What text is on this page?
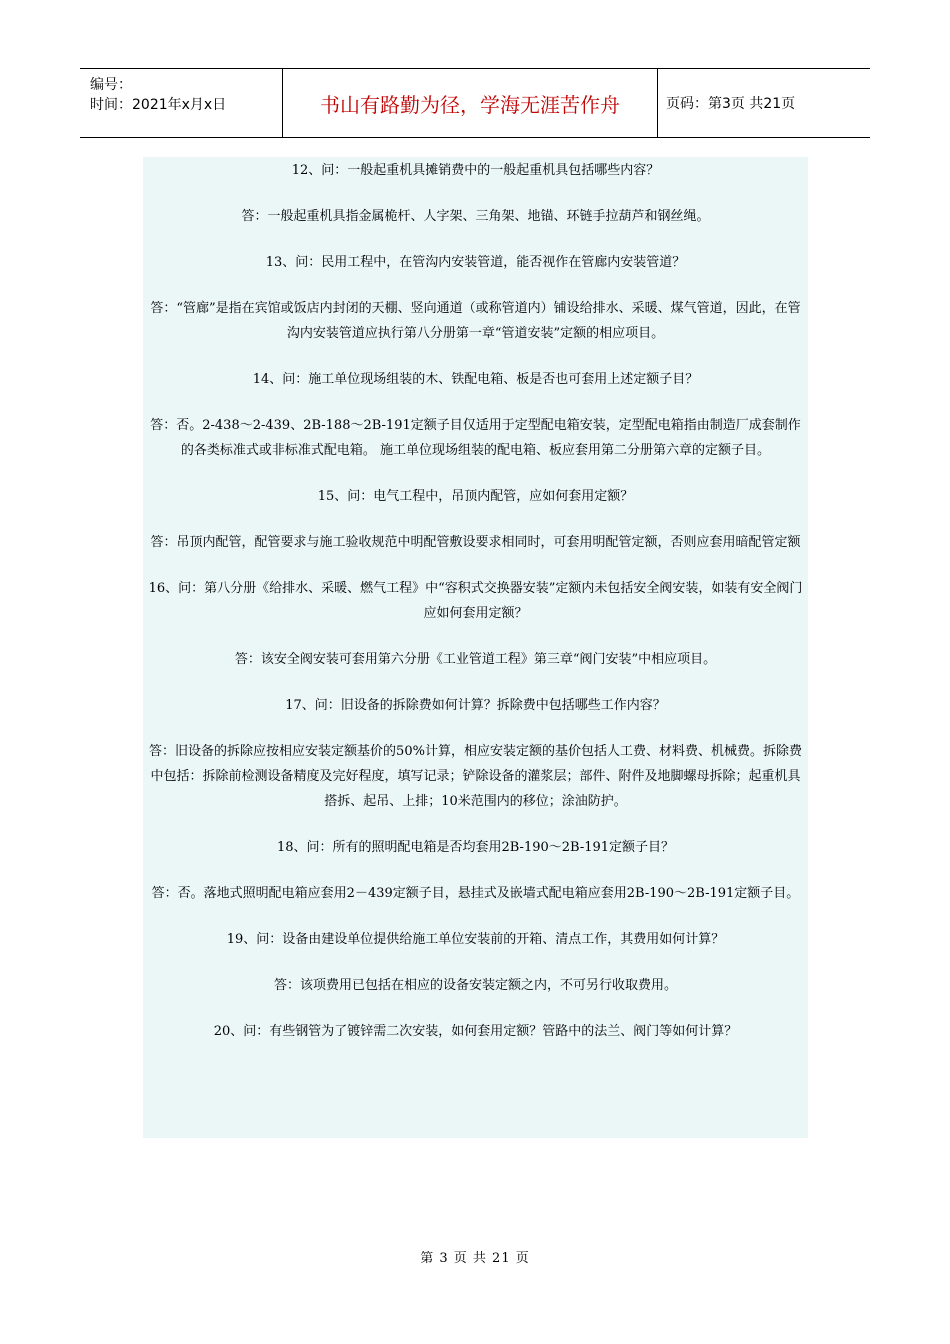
编号：
时间：2021年x月x日	书山有路勤为径，学海无涯苦作舟	页码：第3页 共21页
12、问：一般起重机具摊销费中的一般起重机具包括哪些内容？
答：一般起重机具指金属桅杆、人字架、三角架、地锚、环链手拉葫芦和钢丝绳。
13、问：民用工程中，在管沟内安装管道，能否视作在管廊内安装管道？
答：“管廊”是指在宾馆或饭店内封闭的天棚、竖向通道（或称管道内）铺设给排水、采暖、煤气管道，因此，在管沟内安装管道应执行第八分册第一章“管道安装”定额的相应项目。
14、问：施工单位现场组装的木、铁配电箱、板是否也可套用上述定额子目？
答：否。2-438～2-439、2B-188～2B-191定额子目仅适用于定型配电箱安装，定型配电箱指由制造厂成套制作的各类标准式或非标准式配电箱。 施工单位现场组装的配电箱、板应套用第二分册第六章的定额子目。
15、问：电气工程中，吊顶内配管，应如何套用定额？
答：吊顶内配管，配管要求与施工验收规范中明配管敷设要求相同时，可套用明配管定额，否则应套用暗配管定额
16、问：第八分册《给排水、采暖、燃气工程》中“容积式交换器安装”定额内未包括安全阀安装，如装有安全阀门应如何套用定额？
答：该安全阀安装可套用第六分册《工业管道工程》第三章“阀门安装”中相应项目。
17、问：旧设备的拆除费如何计算？拆除费中包括哪些工作内容？
答：旧设备的拆除应按相应安装定额基价的50%计算，相应安装定额的基价包括人工费、材料费、机械费。拆除费中包括：拆除前检测设备精度及完好程度，填写记录；铲除设备的灌浆层；部件、附件及地脚螺母拆除；起重机具搭拆、起吊、上排；10米范围内的移位；涂油防护。
18、问：所有的照明配电箱是否均套用2B-190～2B-191定额子目？
答：否。落地式照明配电箱应套用2－439定额子目，悬挂式及嵌墙式配电箱应套用2B-190～2B-191定额子目。
19、问：设备由建设单位提供给施工单位安装前的开箱、清点工作，其费用如何计算？
答：该项费用已包括在相应的设备安装定额之内，不可另行收取费用。
20、问：有些钢管为了镀锌需二次安装，如何套用定额？管路中的法兰、阀门等如何计算？
第 3 页 共 21 页
